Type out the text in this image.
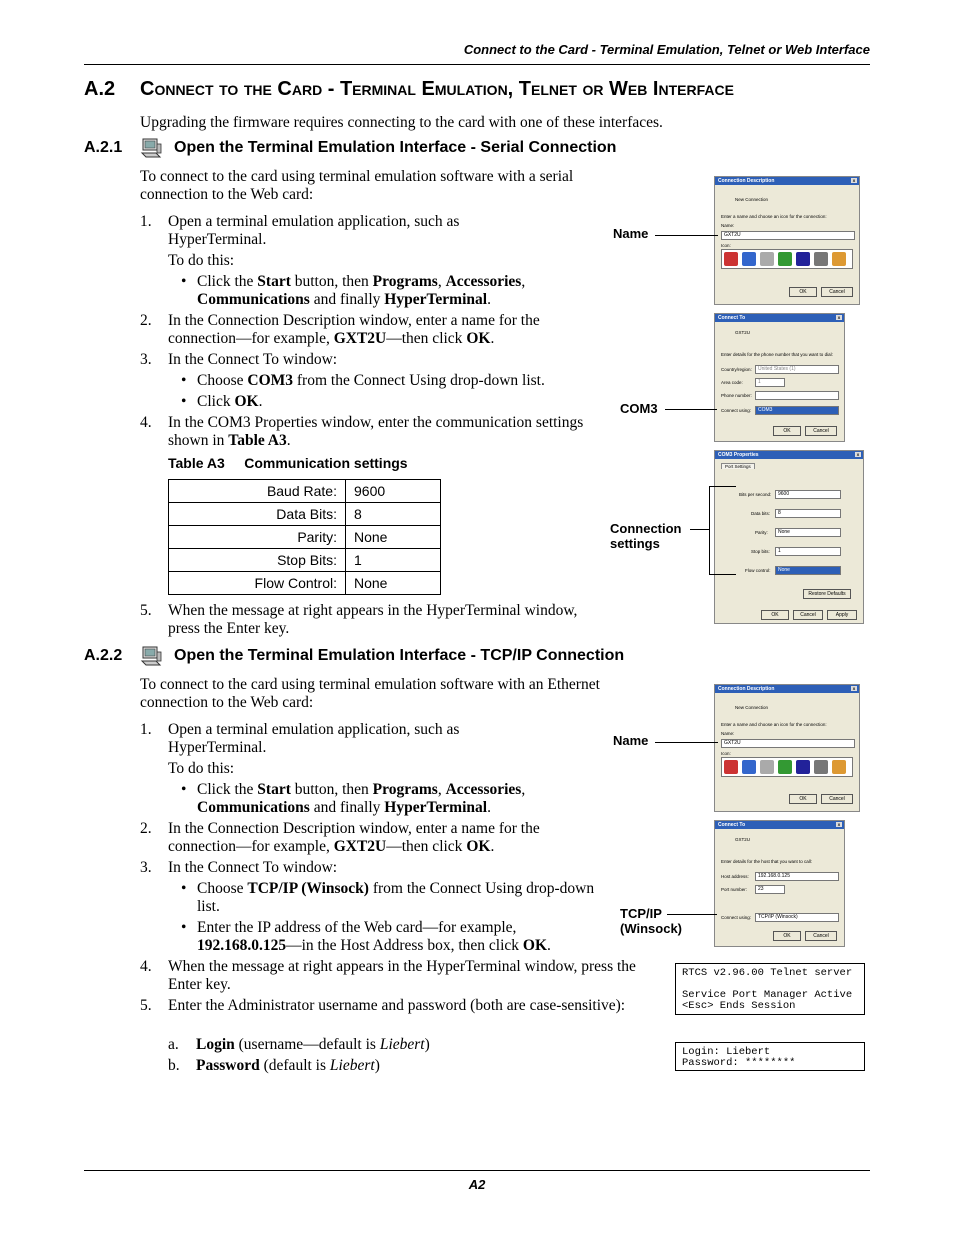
Connect to the Card - Terminal Emulation, Telnet or Web Interface
A.2 Connect to the Card - Terminal Emulation, Telnet or Web Interface
Upgrading the firmware requires connecting to the card with one of these interfaces.
A.2.1	Open the Terminal Emulation Interface - Serial Connection
To connect to the card using terminal emulation software with a serial connection to the Web card:
1. Open a terminal emulation application, such as HyperTerminal.
To do this:
• Click the Start button, then Programs, Accessories, Communications and finally HyperTerminal.
2. In the Connection Description window, enter a name for the connection—for example, GXT2U—then click OK.
3. In the Connect To window:
• Choose COM3 from the Connect Using drop-down list.
• Click OK.
4. In the COM3 Properties window, enter the communication settings shown in Table A3.
Table A3     Communication settings
Baud Rate:	9600
Data Bits:	8
Parity:	None
Stop Bits:	1
Flow Control:	None
5. When the message at right appears in the HyperTerminal window, press the Enter key.
Connection Description	X
New Connection
Enter a name and choose an icon for the connection:
Name:
GXT2U
Icon:
OK	Cancel
Connect To	X
GXT2U
Enter details for the phone number that you want to dial:
Country/region:	United States (1)
Area code:	1
Phone number:
Connect using:	COM3
OK	Cancel
COM3 Properties	X
Port Settings
Bits per second:	9600
Data bits:	8
Parity:	None
Stop bits:	1
Flow control:	None
Restore Defaults
OK	Cancel	Apply
Name
COM3
Connection settings
A.2.2	Open the Terminal Emulation Interface - TCP/IP Connection
To connect to the card using terminal emulation software with an Ethernet connection to the Web card:
1. Open a terminal emulation application, such as HyperTerminal.
To do this:
• Click the Start button, then Programs, Accessories, Communications and finally HyperTerminal.
2. In the Connection Description window, enter a name for the connection—for example, GXT2U—then click OK.
3. In the Connect To window:
• Choose TCP/IP (Winsock) from the Connect Using drop-down list.
• Enter the IP address of the Web card—for example, 192.168.0.125—in the Host Address box, then click OK.
4. When the message at right appears in the HyperTerminal window, press the Enter key.
5. Enter the Administrator username and password (both are case-sensitive):
a. Login (username—default is Liebert)
b. Password (default is Liebert)
Connection Description	X
New Connection
Enter a name and choose an icon for the connection:
Name:
GXT2U
Icon:
OK	Cancel
Connect To	X
GXT2U
Enter details for the host that you want to call:
Host address:	192.168.0.125
Port number:	23
Connect using:	TCP/IP (Winsock)
OK	Cancel
Name
TCP/IP (Winsock)
RTCS v2.96.00 Telnet server

Service Port Manager Active
<Esc> Ends Session
Login: Liebert
Password: ********
A2
